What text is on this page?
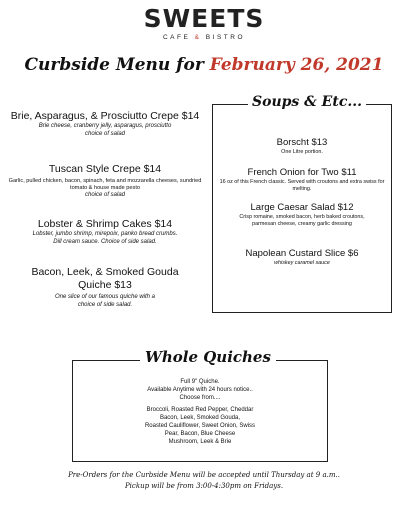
SWEETS
CAFE & BISTRO
Curbside Menu for February 26, 2021
Brie, Asparagus, & Prosciutto Crepe $14
Brie cheese, cranberry jelly, asparagus, prosciutto
choice of salad
Tuscan Style Crepe $14
Garlic, pulled chicken, bacon, spinach, feta and mozzarella cheeses, sundried tomato & house made pesto
choice of salad
Lobster & Shrimp Cakes $14
Lobster, jumbo shrimp, mirepoix, panko bread crumbs. Dill cream sauce. Choice of side salad.
Bacon, Leek, & Smoked Gouda Quiche $13
One slice of our famous quiche with a choice of side salad.
Soups & Etc...
Borscht $13
One Litre portion.
French Onion for Two $11
16 oz of this French classic. Served with croutons and extra swiss for melting.
Large Caesar Salad $12
Crisp romaine, smoked bacon, herb baked croutons, parmesan cheese, creamy garlic dressing
Napolean Custard Slice $6
whiskey caramel sauce
Whole Quiches
Full 9" Quiche.
Available Anytime with 24 hours notice..
Choose from....
Broccoli, Roasted Red Pepper, Cheddar
Bacon, Leek, Smoked Gouda,
Roasted Cauliflower, Sweet Onion, Swiss
Pear, Bacon, Blue Cheese
Mushroom, Leek & Brie
Pre-Orders for the Curbside Menu will be accepted until Thursday at 9 a.m..
Pickup will be from 3:00-4:30pm on Fridays.
